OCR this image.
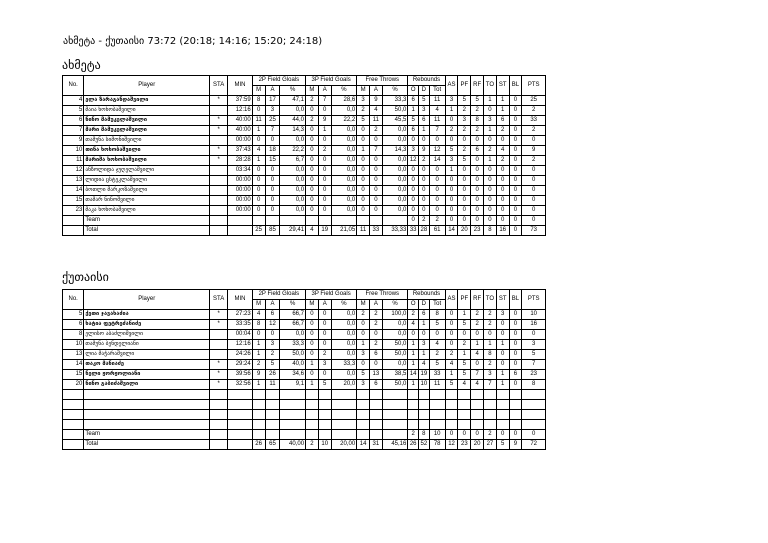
ახმეტა - ქუთაისი 73:72 (20:18; 14:16; 15:20; 24:18)
ახმეტა
No.	Player	STA	MIN	2P Field Gloals			3P Field Goals			Free Throws			Rebounds			AS	PF	RF	TO	ST	BL	PTS
				M	A	%	M	A	%	M	A	%	O	D	Tot							
4	ელა ზარაგანდაშვილი	*	37:59	8	17	47,1	2	7	28,6	3	9	33,3	6	5	11	3	5	5	1	1	0	25
5	მაია ხოხობაშვილი		12:16	0	3	0,0	0	0	0,0	2	4	50,0	1	3	4	1	2	2	0	1	0	2
6	ნინო მამუკელაშვილი	*	40:00	11	25	44,0	2	9	22,2	5	11	45,5	5	6	11	0	3	8	3	6	0	33
7	მარი მამუკელაშვილი	*	40:00	1	7	14,3	0	1	0,0	0	2	0,0	6	1	7	2	2	2	1	2	0	2
9	თამუნა სიმონიშვილი		00:00	0	0	0,0	0	0	0,0	0	0	0,0	0	0	0	0	0	0	0	0	0	0
10	თინა ხოხობაშვილი	*	37:43	4	18	22,2	0	2	0,0	1	7	14,3	3	9	12	5	2	6	2	4	0	9
11	მარიშა ხოხობაშვილი	*	28:28	1	15	6,7	0	0	0,0	0	0	0,0	12	2	14	3	5	0	1	2	0	2
12	ანზოლიდა ჯუღელაშვილი		03:34	0	0	0,0	0	0	0,0	0	0	0,0	0	0	0	1	0	0	0	0	0	0
13	ლიდია ცსტეკლაშვილი		00:00	0	0	0,0	0	0	0,0	0	0	0,0	0	0	0	0	0	0	0	0	0	0
14	ბოთლი მარკოზაშვილი		00:00	0	0	0,0	0	0	0,0	0	0	0,0	0	0	0	0	0	0	0	0	0	0
15	თამარ ნინოშვილი		00:00	0	0	0,0	0	0	0,0	0	0	0,0	0	0	0	0	0	0	0	0	0	0
23	მაკა ხოხობაშვილი		00:00	0	0	0,0	0	0	0,0	0	0	0,0	0	0	0	0	0	0	0	0	0	0
	Team												0	2	2	0	0	0	0	0	0	0
	Total			25	85	29,41	4	19	21,05	11	33	33,33	33	28	61	14	20	23	8	16	0	73
ქუთაისი
No.	Player	STA	MIN	2P Field Gloals			3P Field Goals			Free Throws			Rebounds			AS	PF	RF	TO	ST	BL	PTS
				M	A	%	M	A	%	M	A	%	O	D	Tot							
5	ქეთი ჯავახაძია	*	27:23	4	6	66,7	0	0	0,0	2	2	100,0	2	6	8	0	1	2	2	3	0	10
6	ხატია ფეტრეძანიძე	*	33:35	8	12	66,7	0	0	0,0	0	2	0,0	4	1	5	0	5	2	2	0	0	16
8	ელისო აბაძლიშვილი		00:04	0	0	0,0	0	0	0,0	0	0	0,0	0	0	0	0	0	0	0	0	0	0
10	თამუნა ბენდელიანი		12:16	1	3	33,3	0	0	0,0	1	2	50,0	1	3	4	0	2	1	1	1	0	3
13	ლია მაჭარაშვილი		24:26	1	2	50,0	0	2	0,0	3	6	50,0	1	1	2	2	1	4	8	0	0	5
14	თაკო მანიაძე	*	29:24	2	5	40,0	1	3	33,3	0	0	0,0	1	4	5	4	5	0	2	0	0	7
15	ნელი ჟორჟოლიანი	*	39:56	9	26	34,6	0	0	0,0	5	13	38,5	14	19	33	1	5	7	3	1	6	23
20	ნინო გაბიძაშვილი	*	32:56	1	11	9,1	1	5	20,0	3	6	50,0	1	10	11	5	4	4	7	1	0	8

	Team												2	8	10	0	0	0	2	0	0	0
	Total			26	65	40,00	2	10	20,00	14	31	45,16	26	52	78	12	23	20	27	5	9	72
